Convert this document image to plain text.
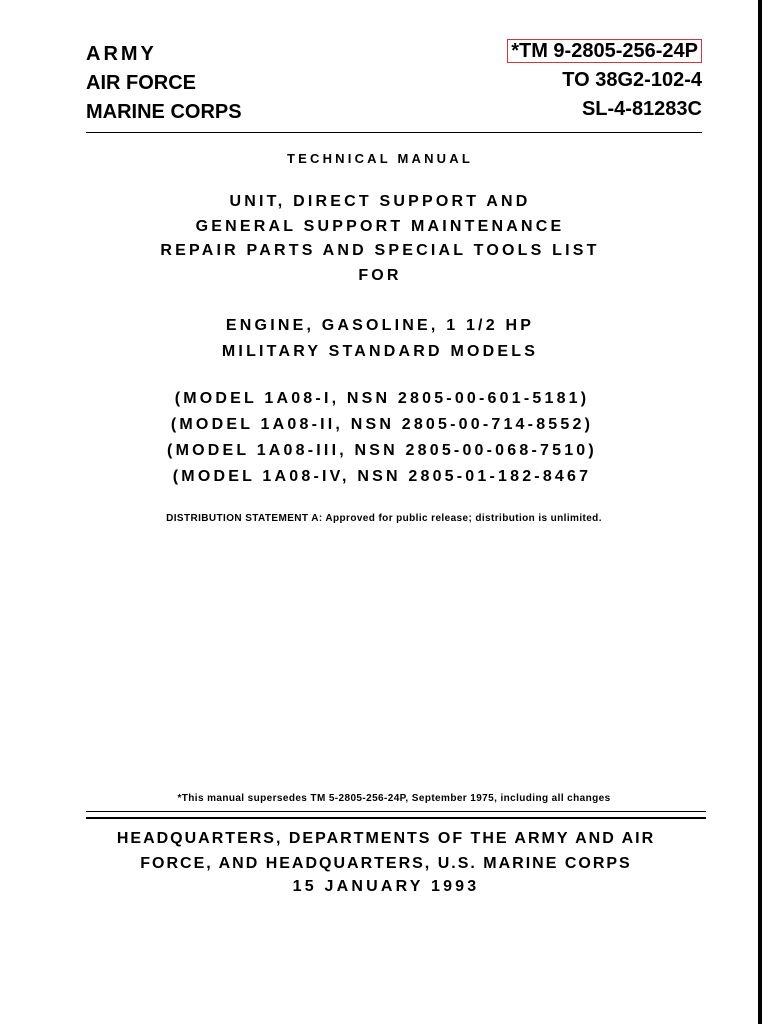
ARMY
AIR FORCE
MARINE CORPS
*TM 9-2805-256-24P
TO 38G2-102-4
SL-4-81283C
TECHNICAL MANUAL
UNIT, DIRECT SUPPORT AND
GENERAL SUPPORT MAINTENANCE
REPAIR PARTS AND SPECIAL TOOLS LIST
FOR
ENGINE, GASOLINE, 1 1/2 HP
MILITARY STANDARD MODELS
(MODEL 1A08-I, NSN 2805-00-601-5181)
(MODEL 1A08-II, NSN 2805-00-714-8552)
(MODEL 1A08-III, NSN 2805-00-068-7510)
(MODEL 1A08-IV, NSN 2805-01-182-8467
DISTRIBUTION STATEMENT A: Approved for public release; distribution is unlimited.
*This manual supersedes TM 5-2805-256-24P, September 1975, including all changes
HEADQUARTERS, DEPARTMENTS OF THE ARMY AND AIR
FORCE, AND HEADQUARTERS, U.S. MARINE CORPS
15 JANUARY 1993
